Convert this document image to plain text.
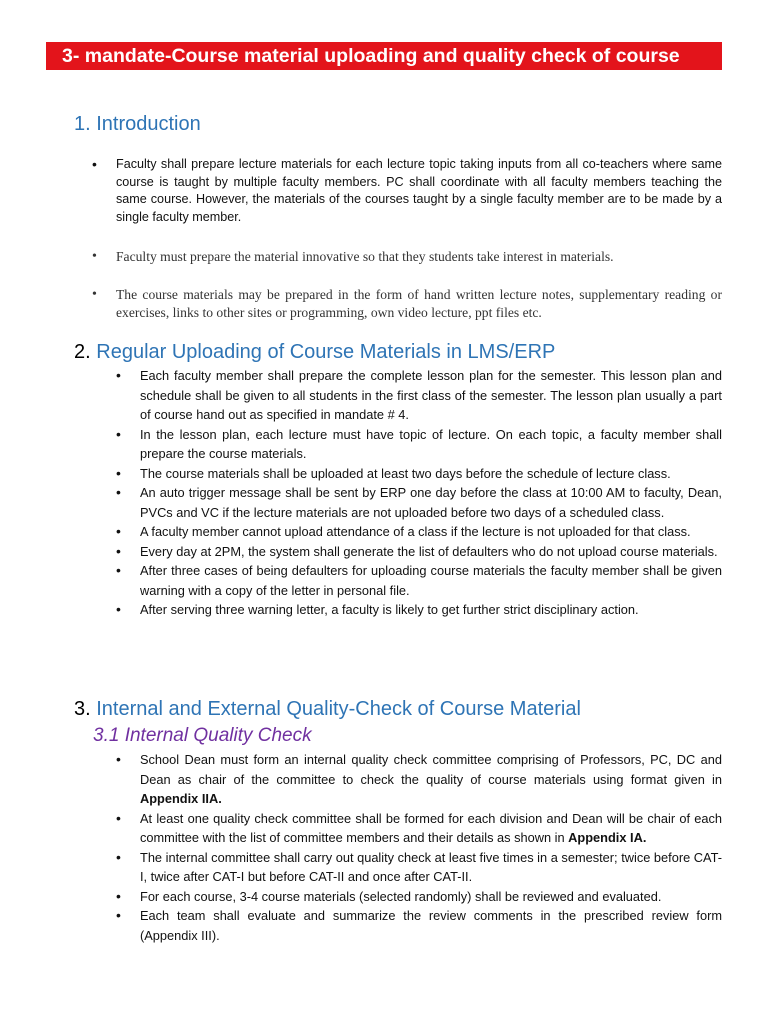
3- mandate-Course material uploading and quality check of course
1. Introduction
• Faculty shall prepare lecture materials for each lecture topic taking inputs from all co-teachers where same course is taught by multiple faculty members. PC shall coordinate with all faculty members teaching the same course. However, the materials of the courses taught by a single faculty member are to be made by a single faculty member.
• Faculty must prepare the material innovative so that they students take interest in materials.
• The course materials may be prepared in the form of hand written lecture notes, supplementary reading or exercises, links to other sites or programming, own video lecture, ppt files etc.
2. Regular Uploading of Course Materials in LMS/ERP
• Each faculty member shall prepare the complete lesson plan for the semester. This lesson plan and schedule shall be given to all students in the first class of the semester. The lesson plan usually a part of course hand out as specified in mandate # 4.
• In the lesson plan, each lecture must have topic of lecture. On each topic, a faculty member shall prepare the course materials.
• The course materials shall be uploaded at least two days before the schedule of lecture class.
• An auto trigger message shall be sent by ERP one day before the class at 10:00 AM to faculty, Dean, PVCs and VC if the lecture materials are not uploaded before two days of a scheduled class.
• A faculty member cannot upload attendance of a class if the lecture is not uploaded for that class.
• Every day at 2PM, the system shall generate the list of defaulters who do not upload course materials.
• After three cases of being defaulters for uploading course materials the faculty member shall be given warning with a copy of the letter in personal file.
• After serving three warning letter, a faculty is likely to get further strict disciplinary action.
3. Internal and External Quality-Check of Course Material
3.1 Internal Quality Check
• School Dean must form an internal quality check committee comprising of Professors, PC, DC and Dean as chair of the committee to check the quality of course materials using format given in Appendix IIA.
• At least one quality check committee shall be formed for each division and Dean will be chair of each committee with the list of committee members and their details as shown in Appendix IA.
• The internal committee shall carry out quality check at least five times in a semester; twice before CAT-I, twice after CAT-I but before CAT-II and once after CAT-II.
• For each course, 3-4 course materials (selected randomly) shall be reviewed and evaluated.
• Each team shall evaluate and summarize the review comments in the prescribed review form (Appendix III).
